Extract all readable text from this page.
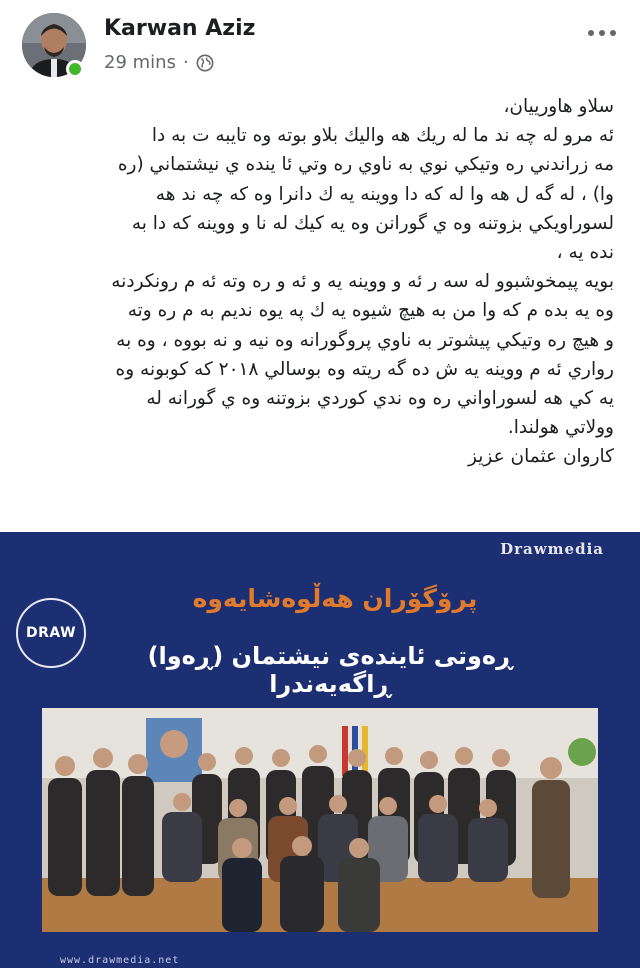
Karwan Aziz
29 mins ·

سلاو هاوريیان،

ئه مرو له چه ند ما له ريك هه واليك بلاو بوته وه تايبه ت به دا

مه زراندني ره وتيكي نوي به ناوي ره وتي ئا ينده ي نيشتماني (ره

وا) ، له گه ل هه وا له كه دا ووينه يه ك دانرا وه كه چه ند هه

لسوراويكي بزوتنه وه ي گورانن وه يه كيك له نا و ووينه كه دا به

نده يه ،

بويه پيمخوشبوو له سه ر ئه و ووينه يه و ئه و ره وته ئه م رونكردنه

وه يه بده م كه وا من به هيچ شيوه يه ك په يوه نديم به م ره وته

و هيچ ره وتيكي پيشوتر به ناوي پروگورانه وه نيه و نه بووه ، وه به

رواري ئه م ووينه يه ش ده گه ريته وه بوسالي ٢٠١٨ كه كوبونه وه

يه كي هه لسوراواني ره وه ندي كوردي بزوتنه وه ي گورانه له

وولاتي هولندا.

كاروان عثمان عزيز

Drawmedia
DRAW
پرۆگۆران هەڵوەشایەوە
ڕەوتی ئایندەی نیشتمان (ڕەوا) ڕاگەیەندرا
www.drawmedia.net
